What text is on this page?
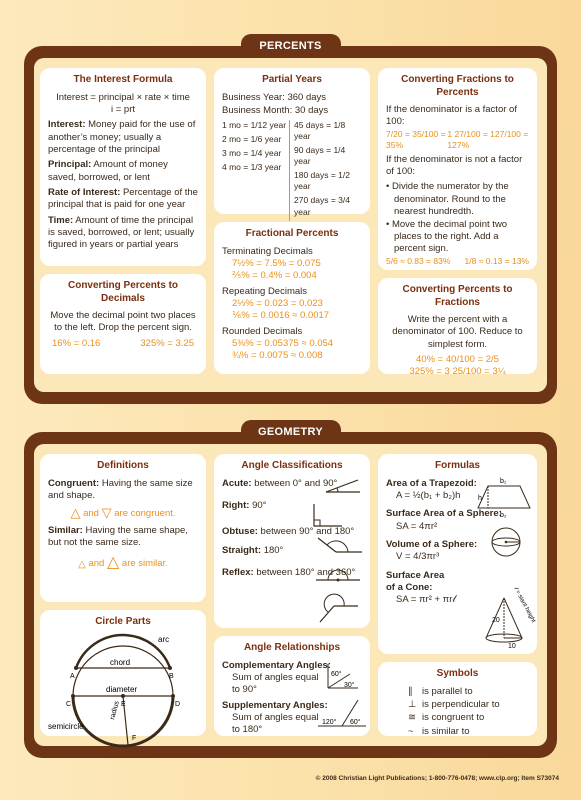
PERCENTS
The Interest Formula

Interest = principal × rate × time

i = prt

Interest: Money paid for the use of another’s money; usually a percentage of the principal

Principal: Amount of money saved, borrowed, or lent

Rate of Interest: Percentage of the principal that is paid for one year

Time: Amount of time the principal is saved, borrowed, or lent; usually figured in years or partial years

Converting Percents to Decimals

Move the decimal point two places to the left. Drop the percent sign.

16% = 0.16	325% = 3.25
Partial Years

Business Year: 360 days

Business Month: 30 days

1 mo = 1/12 year
2 mo = 1/6 year
3 mo = 1/4 year
4 mo = 1/3 year
45 days = 1/8 year
90 days = 1/4 year
180 days = 1/2 year
270 days = 3/4 year
Fractional Percents

Terminating Decimals

7½% = 7.5% = 0.075

⅖% = 0.4% = 0.004

Repeating Decimals

2⅓% = 0.023 = 0.023

⅙% = 0.0016 ≈ 0.0017

Rounded Decimals

5⅜% = 0.05375 ≈ 0.054

¾% = 0.0075 ≈ 0.008

Converting Fractions to Percents

If the denominator is a factor of 100:

7/20 = 35/100 = 35%
1 27/100 = 127/100 = 127%

If the denominator is not a factor of 100:

• Divide the numerator by the denominator. Round to the nearest hundredth.

• Move the decimal point two places to the right. Add a percent sign.

5/6 ≈ 0.83 = 83% 1/8 ≈ 0.13 = 13%
Converting Percents to Fractions

Write the percent with a denominator of 100. Reduce to simplest form.

40% = 40/100 = 2/5

325% = 3 25/100 = 3¼

GEOMETRY
Definitions

Congruent: Having the same size and shape.

△ and ▽ are congruent.

Similar: Having the same shape, but not the same size.

△ and △ are similar.

Circle Parts
arc
chord
diameter
radius
semicircle
A	B
C	E	D
F
Angle Classifications

Acute: between 0° and 90°

Right: 90°

Obtuse: between 90° and 180°

Straight: 180°

Reflex: between 180° and 360°

Angle Relationships

Complementary Angles:

Sum of angles equal to 90°

Supplementary Angles:

Sum of angles equal to 180°

60°
30°
120° 60°
Formulas

Area of a Trapezoid:

A = ½(b₁ + b₂)h

Surface Area of a Sphere:

SA = 4πr²

Volume of a Sphere:

V = 4/3πr³

Surface Area

of a Cone:

SA = πr² + πr𝓁

b₁
b₂
h
20
10
𝓁 = slant height
Symbols
∥ is parallel to
⊥ is perpendicular to
≅ is congruent to
~ is similar to
© 2008 Christian Light Publications; 1-800-776-0478; www.clp.org; Item S73074
